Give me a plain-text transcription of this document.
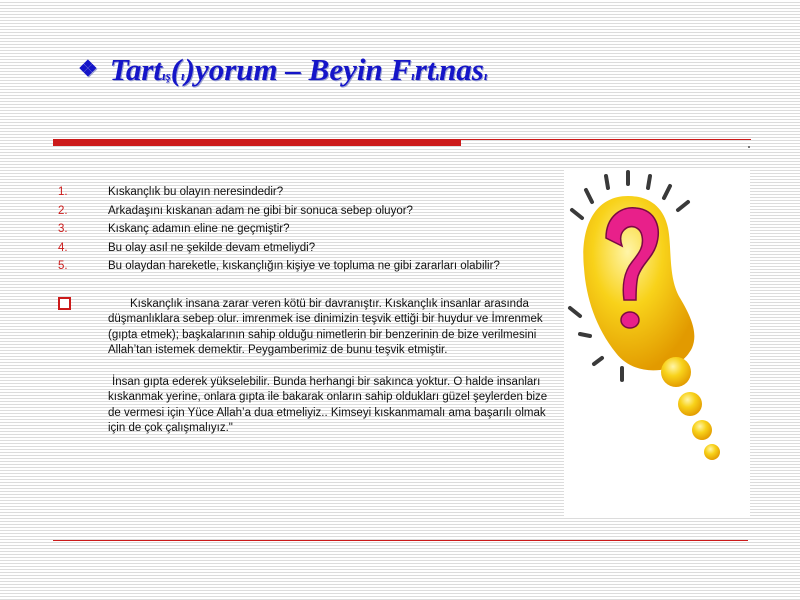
❖ Tartış(ı)yorum – Beyin Fırtınası
1.	Kıskançlık bu olayın neresindedir?
2.	Arkadaşını kıskanan adam ne gibi bir sonuca sebep oluyor?
3.	Kıskanç adamın eline ne geçmiştir?
4.	Bu olay asıl ne şekilde devam etmeliydi?
5.	Bu olaydan hareketle, kıskançlığın kişiye ve topluma ne gibi zararları olabilir?

Kıskançlık insana zarar veren kötü bir davranıştır. Kıskançlık insanlar arasında düşmanlıklara sebep olur. imrenmek ise dinimizin teşvik ettiği bir huydur ve İmrenmek (gıpta etmek); başkalarının sahip olduğu nimetlerin bir benzerinin de bize verilmesini Allah’tan istemek demektir. Peygamberimiz de bunu teşvik etmiştir.

İnsan gıpta ederek yükselebilir. Bunda herhangi bir sakınca yoktur. O halde insanları kıskanmak yerine, onlara gıpta ile bakarak onların sahip oldukları güzel şeylerden bize de vermesi için Yüce Allah’a dua etmeliyiz.. Kimseyi kıskanmamalı ama başarılı olmak için de çok çalışmalıyız."
